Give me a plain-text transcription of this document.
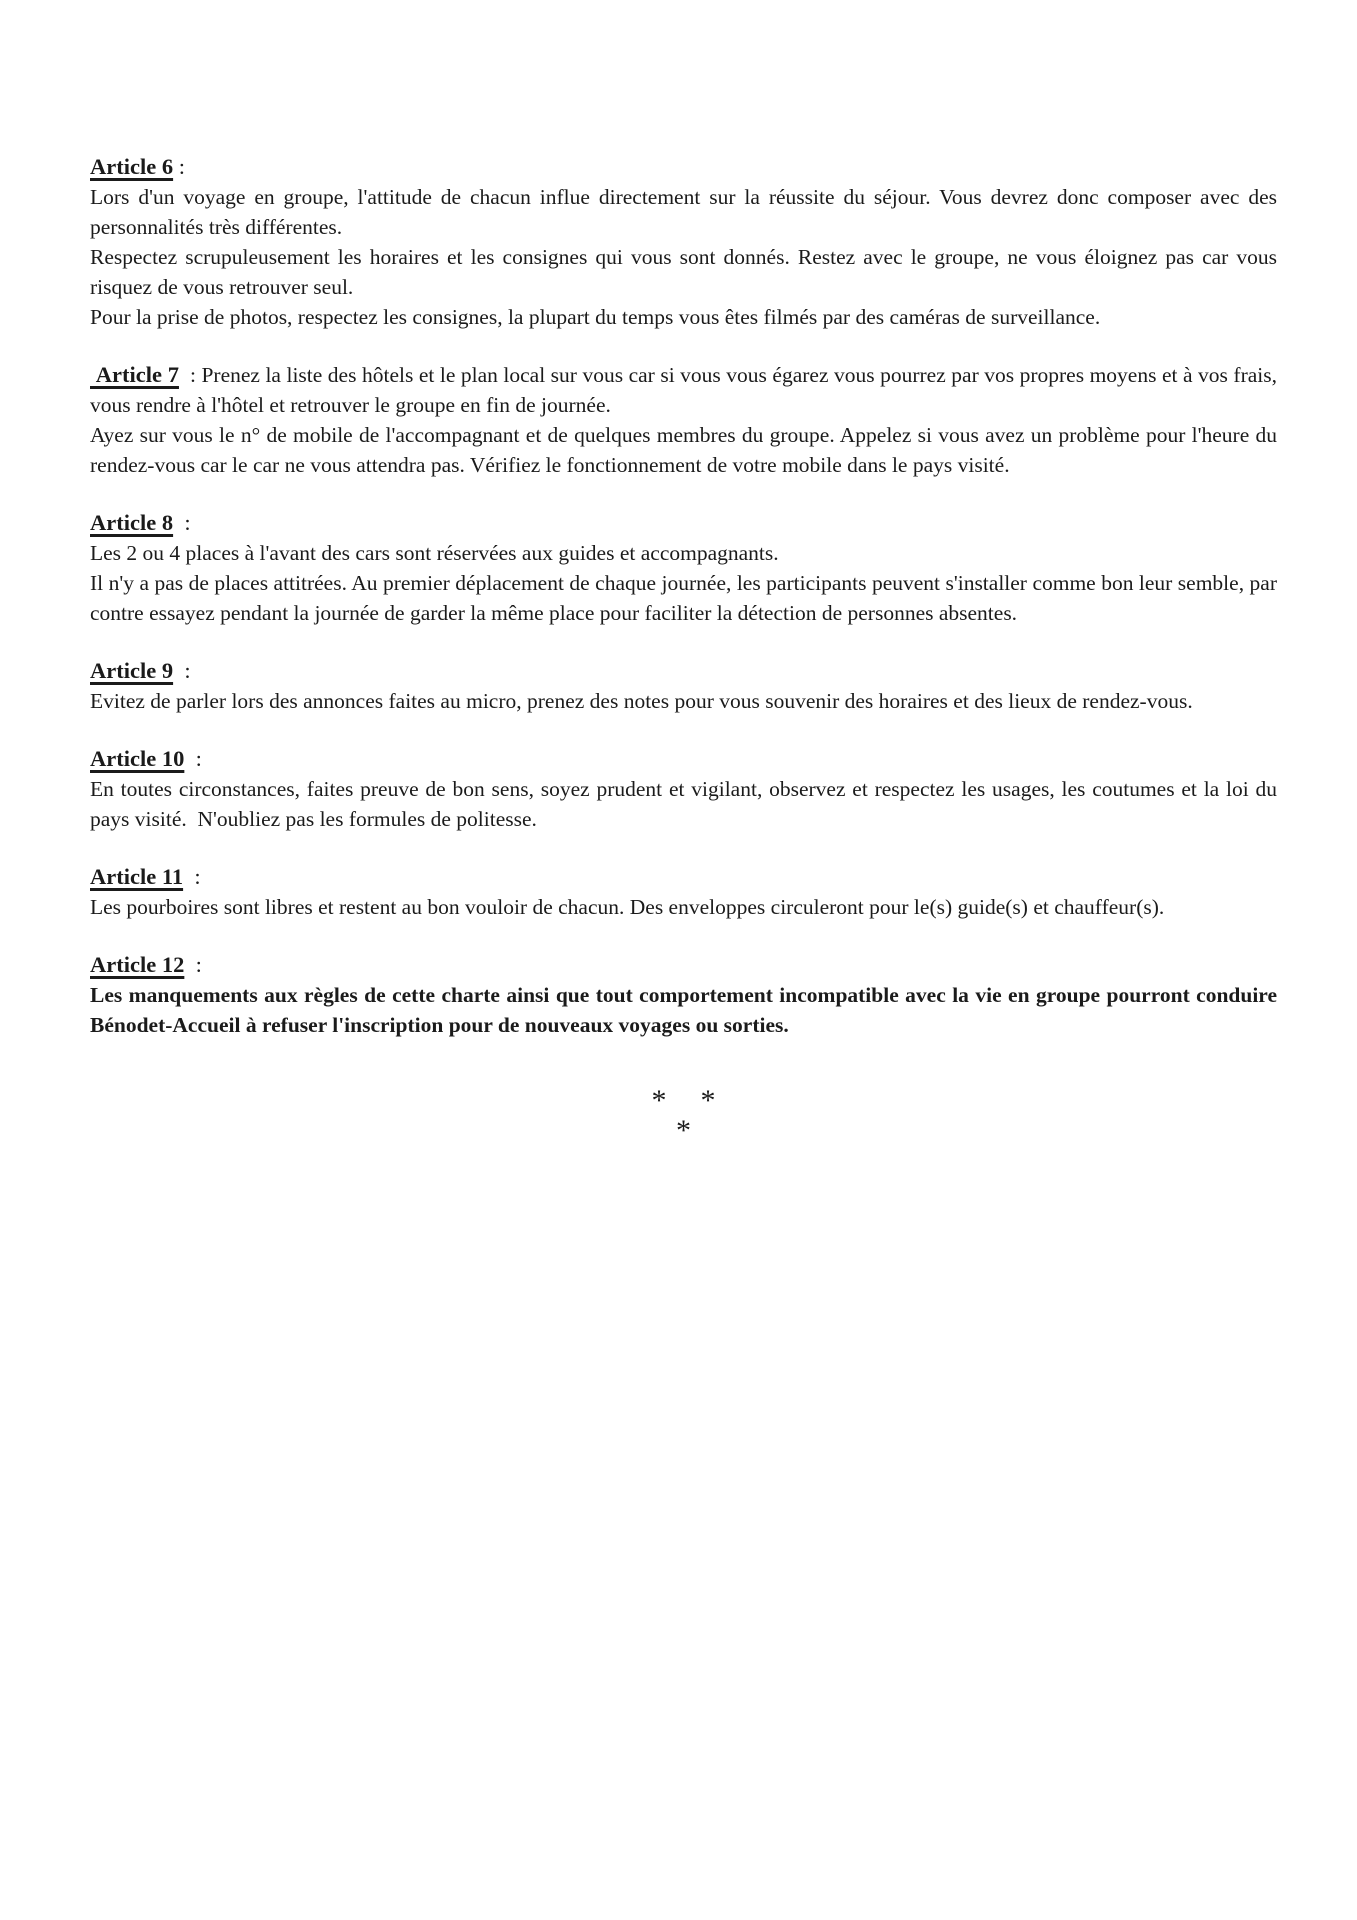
Article 6 :

Lors d'un voyage en groupe, l'attitude de chacun influe directement sur la réussite du séjour. Vous devrez donc composer avec des personnalités très différentes.

Respectez scrupuleusement les horaires et les consignes qui vous sont donnés. Restez avec le groupe, ne vous éloignez pas car vous risquez de vous retrouver seul.

Pour la prise de photos, respectez les consignes, la plupart du temps vous êtes filmés par des caméras de surveillance.

Article 7  : Prenez la liste des hôtels et le plan local sur vous car si vous vous égarez vous pourrez par vos propres moyens et à vos frais, vous rendre à l'hôtel et retrouver le groupe en fin de journée.

Ayez sur vous le n° de mobile de l'accompagnant et de quelques membres du groupe. Appelez si vous avez un problème pour l'heure du rendez-vous car le car ne vous attendra pas. Vérifiez le fonctionnement de votre mobile dans le pays visité.

Article 8  :

Les 2 ou 4 places à l'avant des cars sont réservées aux guides et accompagnants.

Il n'y a pas de places attitrées. Au premier déplacement de chaque journée, les participants peuvent s'installer comme bon leur semble, par contre essayez pendant la journée de garder la même place pour faciliter la détection de personnes absentes.

Article 9  :

Evitez de parler lors des annonces faites au micro, prenez des notes pour vous souvenir des horaires et des lieux de rendez-vous.

Article 10  :

En toutes circonstances, faites preuve de bon sens, soyez prudent et vigilant, observez et respectez les usages, les coutumes et la loi du pays visité.  N'oubliez pas les formules de politesse.

Article 11  :

Les pourboires sont libres et restent au bon vouloir de chacun. Des enveloppes circuleront pour le(s) guide(s) et chauffeur(s).

Article 12  :

Les manquements aux règles de cette charte ainsi que tout comportement incompatible avec la vie en groupe pourront conduire Bénodet-Accueil à refuser l'inscription pour de nouveaux voyages ou sorties.

* *
*
